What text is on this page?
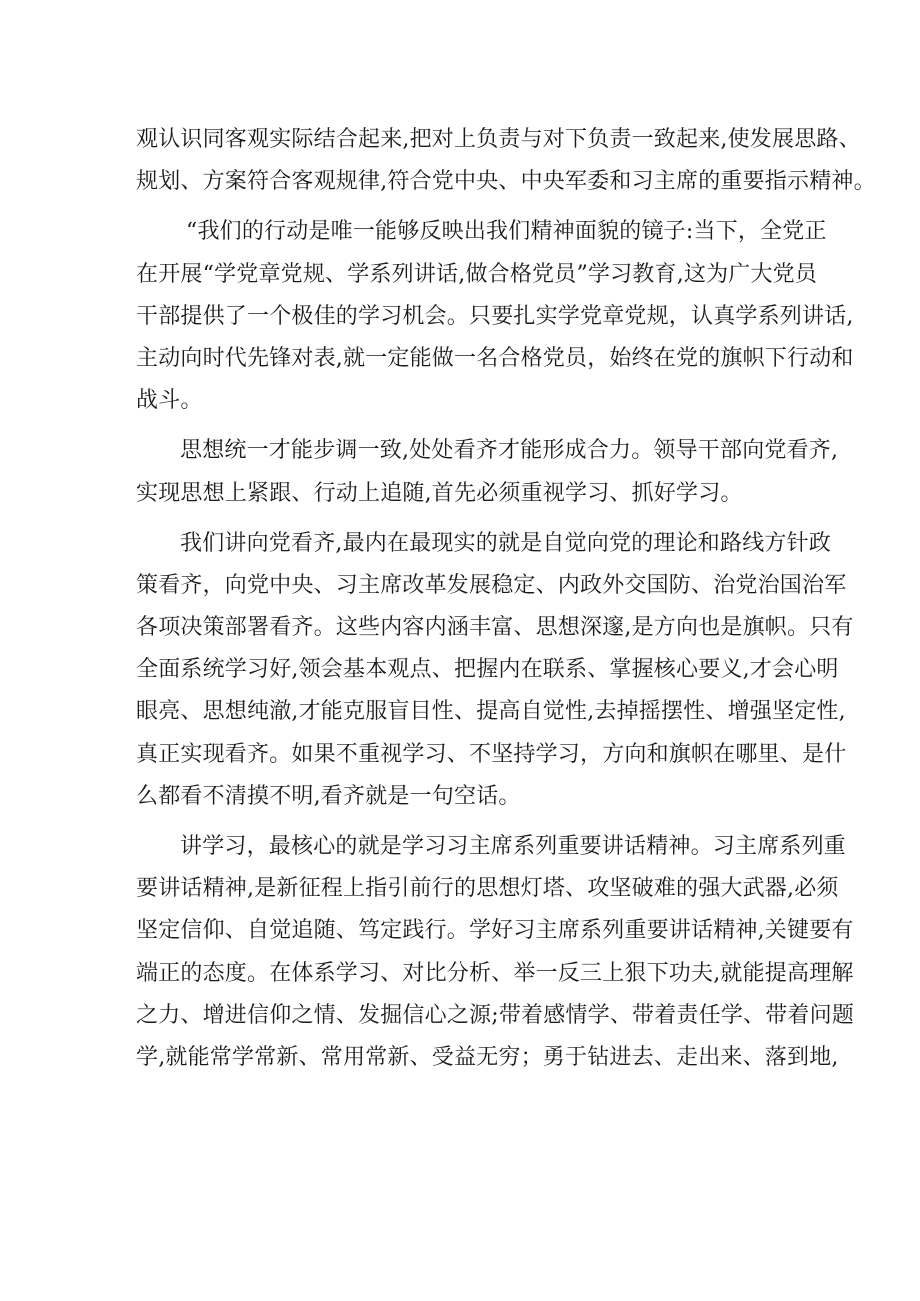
观认识同客观实际结合起来,把对上负责与对下负责一致起来,使发展思路、
规划、方案符合客观规律,符合党中央、中央军委和习主席的重要指示精神。
“我们的行动是唯一能够反映出我们精神面貌的镜子:当下，全党正
在开展“学党章党规、学系列讲话,做合格党员”学习教育,这为广大党员
干部提供了一个极佳的学习机会。只要扎实学党章党规，认真学系列讲话,
主动向时代先锋对表,就一定能做一名合格党员，始终在党的旗帜下行动和
战斗。
思想统一才能步调一致,处处看齐才能形成合力。领导干部向党看齐,
实现思想上紧跟、行动上追随,首先必须重视学习、抓好学习。
我们讲向党看齐,最内在最现实的就是自觉向党的理论和路线方针政
策看齐，向党中央、习主席改革发展稳定、内政外交国防、治党治国治军
各项决策部署看齐。这些内容内涵丰富、思想深邃,是方向也是旗帜。只有
全面系统学习好,领会基本观点、把握内在联系、掌握核心要义,才会心明
眼亮、思想纯澈,才能克服盲目性、提高自觉性,去掉摇摆性、增强坚定性,
真正实现看齐。如果不重视学习、不坚持学习，方向和旗帜在哪里、是什
么都看不清摸不明,看齐就是一句空话。
讲学习，最核心的就是学习习主席系列重要讲话精神。习主席系列重
要讲话精神,是新征程上指引前行的思想灯塔、攻坚破难的强大武器,必须
坚定信仰、自觉追随、笃定践行。学好习主席系列重要讲话精神,关键要有
端正的态度。在体系学习、对比分析、举一反三上狠下功夫,就能提高理解
之力、增进信仰之情、发掘信心之源;带着感情学、带着责任学、带着问题
学,就能常学常新、常用常新、受益无穷；勇于钻进去、走出来、落到地,
